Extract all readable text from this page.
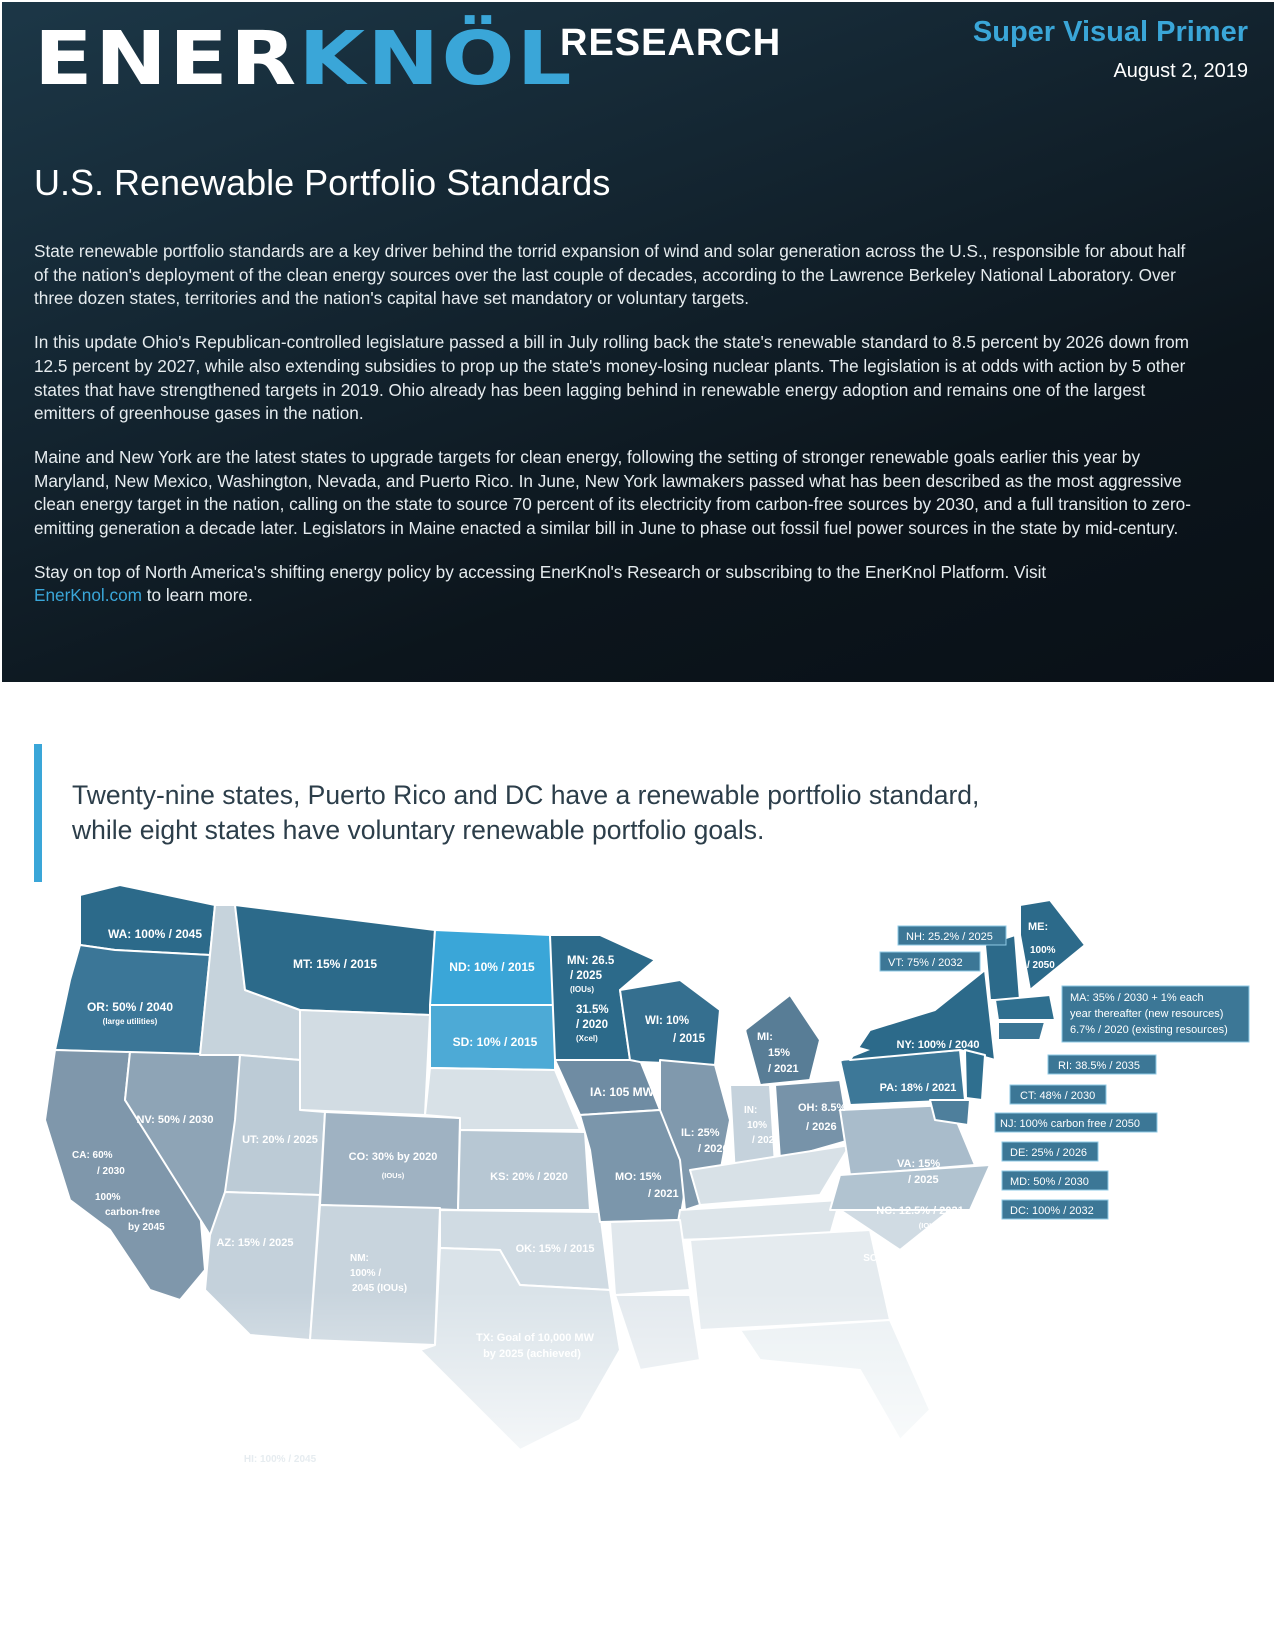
ENERKNÖL
RESEARCH	Super Visual Primer
August 2, 2019
U.S. Renewable Portfolio Standards

State renewable portfolio standards are a key driver behind the torrid expansion of wind and solar generation across the U.S., responsible for about half of the nation's deployment of the clean energy sources over the last couple of decades, according to the Lawrence Berkeley National Laboratory. Over three dozen states, territories and the nation's capital have set mandatory or voluntary targets.

In this update Ohio's Republican-controlled legislature passed a bill in July rolling back the state's renewable standard to 8.5 percent by 2026 down from 12.5 percent by 2027, while also extending subsidies to prop up the state's money-losing nuclear plants. The legislation is at odds with action by 5 other states that have strengthened targets in 2019. Ohio already has been lagging behind in renewable energy adoption and remains one of the largest emitters of greenhouse gases in the nation.

Maine and New York are the latest states to upgrade targets for clean energy, following the setting of stronger renewable goals earlier this year by Maryland, New Mexico, Washington, Nevada, and Puerto Rico. In June, New York lawmakers passed what has been described as the most aggressive clean energy target in the nation, calling on the state to source 70 percent of its electricity from carbon-free sources by 2030, and a full transition to zero-emitting generation a decade later. Legislators in Maine enacted a similar bill in June to phase out fossil fuel power sources in the state by mid-century.

Stay on top of North America's shifting energy policy by accessing EnerKnol's Research or subscribing to the EnerKnol Platform. Visit
EnerKnol.com to learn more.

Twenty-nine states, Puerto Rico and DC have a renewable portfolio standard,
while eight states have voluntary renewable portfolio goals.
WA: 100% / 2045
MT: 15% / 2015	ND: 10% / 2015	MN: 26.5
/ 2025
(IOUs)
31.5%
/ 2020
(Xcel)
OR: 50% / 2040
(large utilities)	WI: 10%
/ 2015
SD: 10% / 2015	MI:
15%
/ 2021
IA: 105 MW
NV: 50% / 2030
CA: 60%
/ 2030
100%
carbon-free
by 2045
UT: 20% / 2025
CO: 30% by 2020
(IOUs)	KS: 20% / 2020	MO: 15%
/ 2021
IL: 25%
/ 2026
IN:
10%
/ 2025
OH: 8.5%
/ 2026
PA: 18% / 2021
NY: 100% / 2040
VA: 15%
/ 2025
NC: 12.5% / 2021
(IOUs)
SC: 2% 2021
AZ: 15% / 2025
NM:
100% /
2045 (IOUs)
OK: 15% / 2015
TX: Goal of 10,000 MW
by 2025 (achieved)
HI: 100% / 2045
ME:
100%
/ 2050
NH: 25.2% / 2025
VT: 75% / 2032
MA: 35% / 2030 + 1% each
year thereafter (new resources)
6.7% / 2020 (existing resources)
RI: 38.5% / 2035
CT: 48% / 2030
NJ: 100% carbon free / 2050
DE: 25% / 2026
MD: 50% / 2030
DC: 100% / 2032
